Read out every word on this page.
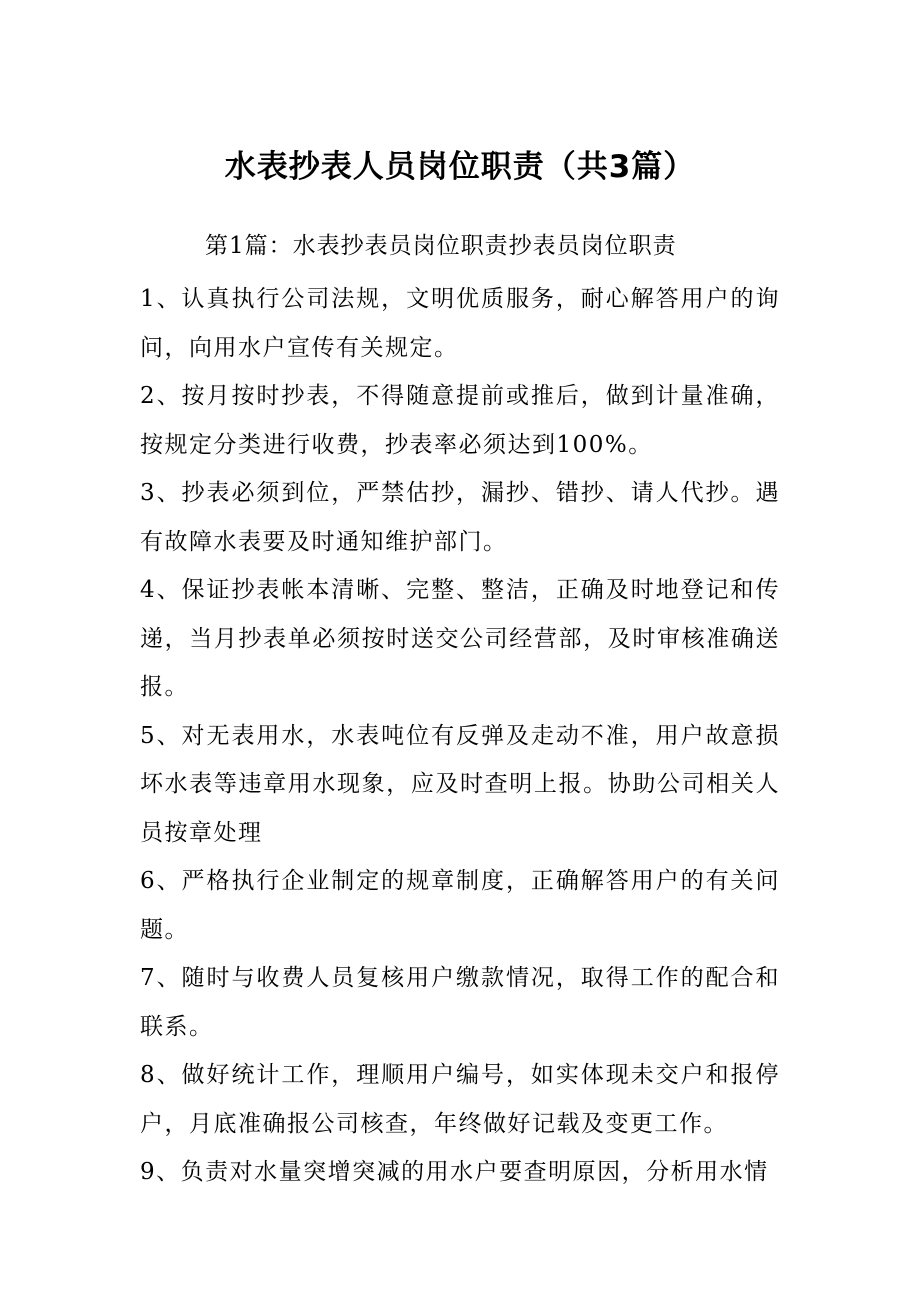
水表抄表人员岗位职责（共3篇）

第1篇：水表抄表员岗位职责抄表员岗位职责

1、认真执行公司法规，文明优质服务，耐心解答用户的询问，向用水户宣传有关规定。

2、按月按时抄表，不得随意提前或推后，做到计量准确，按规定分类进行收费，抄表率必须达到100%。

3、抄表必须到位，严禁估抄，漏抄、错抄、请人代抄。遇有故障水表要及时通知维护部门。

4、保证抄表帐本清晰、完整、整洁，正确及时地登记和传递，当月抄表单必须按时送交公司经营部，及时审核准确送报。

5、对无表用水，水表吨位有反弹及走动不准，用户故意损坏水表等违章用水现象，应及时查明上报。协助公司相关人员按章处理

6、严格执行企业制定的规章制度，正确解答用户的有关问题。

7、随时与收费人员复核用户缴款情况，取得工作的配合和联系。

8、做好统计工作，理顺用户编号，如实体现未交户和报停户，月底准确报公司核查，年终做好记载及变更工作。

9、负责对水量突增突减的用水户要查明原因，分析用水情
